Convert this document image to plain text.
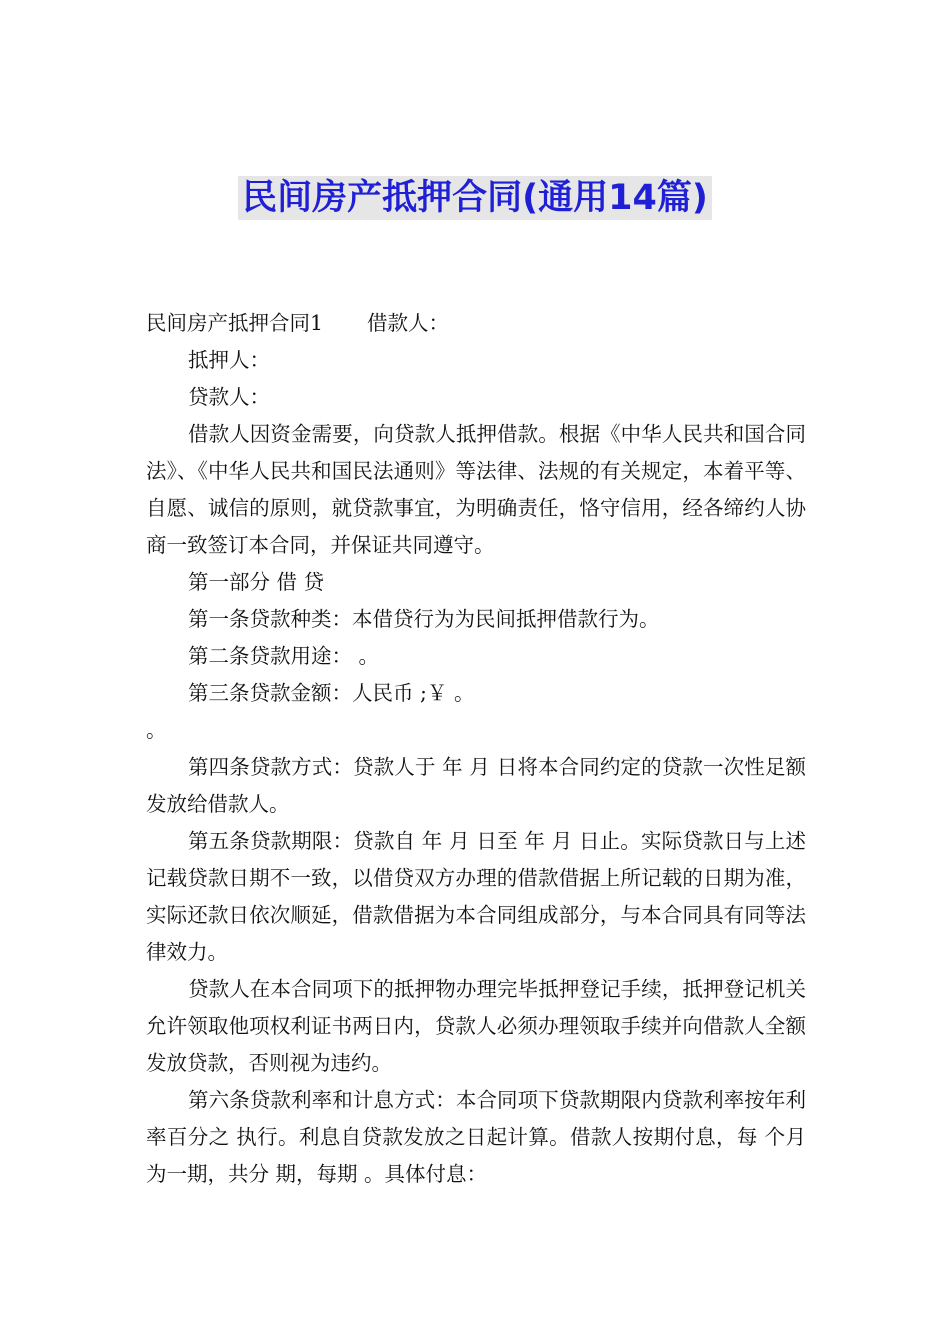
民间房产抵押合同(通用14篇)

民间房产抵押合同1 借款人：

抵押人：

贷款人：

借款人因资金需要，向贷款人抵押借款。根据《中华人民共和国合同法》、《中华人民共和国民法通则》等法律、法规的有关规定，本着平等、自愿、诚信的原则，就贷款事宜，为明确责任，恪守信用，经各缔约人协商一致签订本合同，并保证共同遵守。

第一部分 借 贷

第一条贷款种类：本借贷行为为民间抵押借款行为。

第二条贷款用途： 。

第三条贷款金额：人民币 ;￥ 。

。

第四条贷款方式：贷款人于 年 月 日将本合同约定的贷款一次性足额发放给借款人。

第五条贷款期限：贷款自 年 月 日至 年 月 日止。实际贷款日与上述记载贷款日期不一致，以借贷双方办理的借款借据上所记载的日期为准，实际还款日依次顺延，借款借据为本合同组成部分，与本合同具有同等法律效力。

贷款人在本合同项下的抵押物办理完毕抵押登记手续，抵押登记机关允许领取他项权利证书两日内，贷款人必须办理领取手续并向借款人全额发放贷款，否则视为违约。

第六条贷款利率和计息方式：本合同项下贷款期限内贷款利率按年利率百分之 执行。利息自贷款发放之日起计算。借款人按期付息，每 个月为一期，共分 期，每期 。具体付息：
